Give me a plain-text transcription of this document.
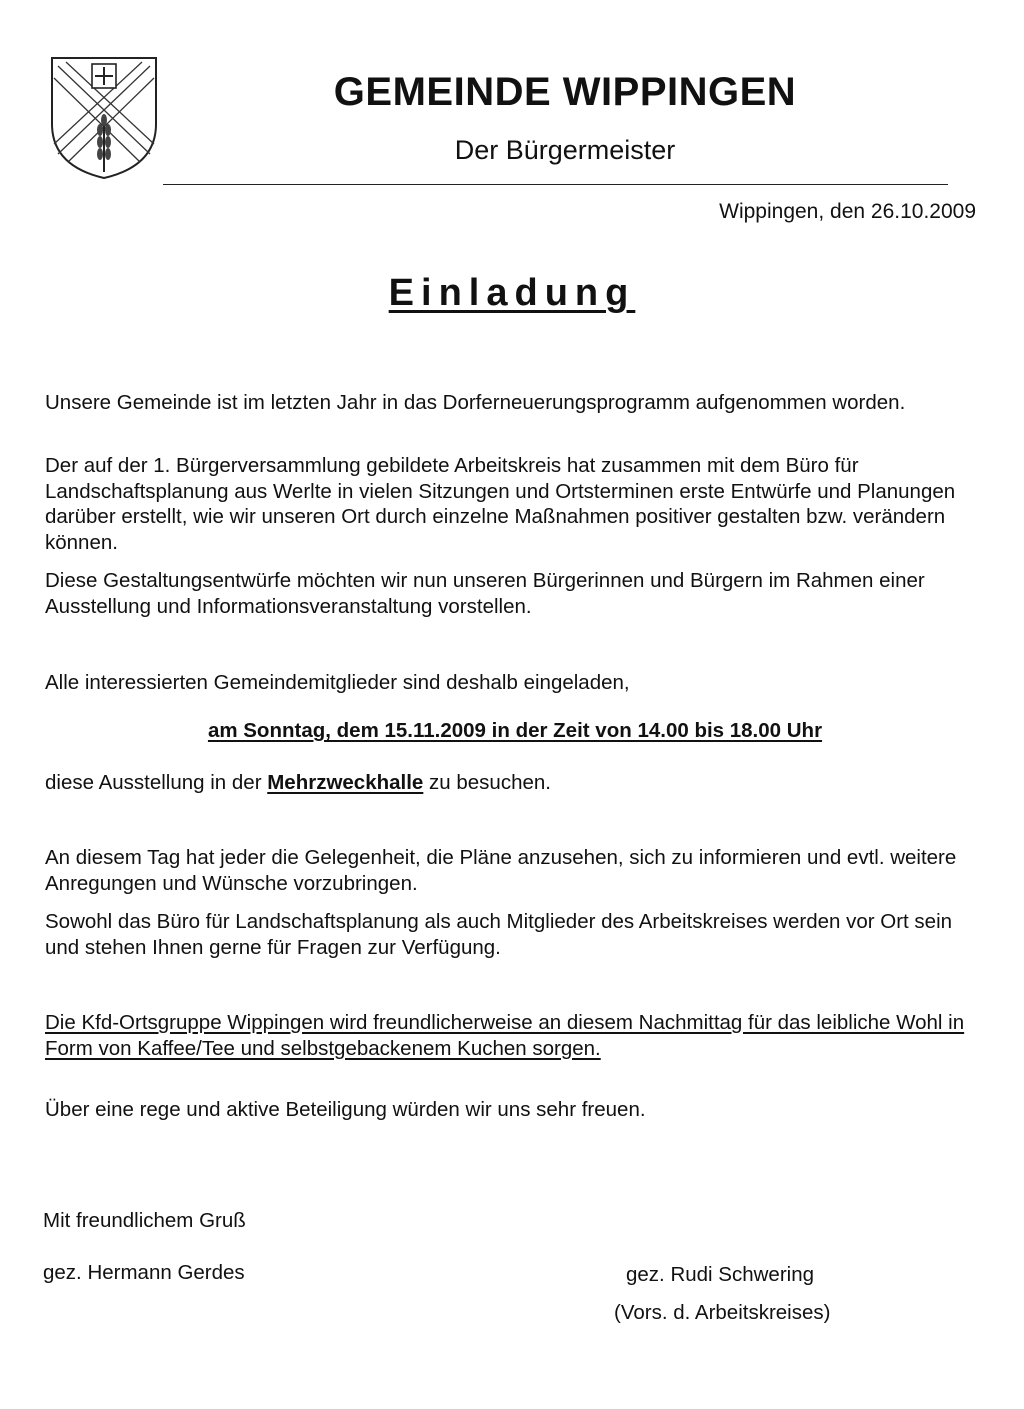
GEMEINDE WIPPINGEN
Der Bürgermeister
Wippingen, den 26.10.2009
Einladung
Unsere Gemeinde ist im letzten Jahr in das Dorferneuerungsprogramm aufgenommen worden.
Der auf der 1. Bürgerversammlung gebildete Arbeitskreis hat zusammen mit dem Büro für Landschaftsplanung aus Werlte in vielen Sitzungen und Ortsterminen erste Entwürfe und Planungen darüber erstellt, wie wir unseren Ort durch einzelne Maßnahmen positiver gestalten bzw. verändern können.
Diese Gestaltungsentwürfe möchten wir nun unseren Bürgerinnen und Bürgern im Rahmen einer Ausstellung und Informationsveranstaltung vorstellen.
Alle interessierten Gemeindemitglieder sind deshalb eingeladen,
am Sonntag, dem 15.11.2009 in der Zeit von 14.00 bis 18.00 Uhr
diese Ausstellung in der Mehrzweckhalle zu besuchen.
An diesem Tag hat jeder die Gelegenheit, die Pläne anzusehen, sich zu informieren und evtl. weitere Anregungen und Wünsche vorzubringen.
Sowohl das Büro für Landschaftsplanung als auch Mitglieder des Arbeitskreises werden vor Ort sein und stehen Ihnen gerne für Fragen zur Verfügung.
Die Kfd-Ortsgruppe Wippingen wird freundlicherweise an diesem Nachmittag für das leibliche Wohl in Form von Kaffee/Tee und selbstgebackenem Kuchen sorgen.
Über eine rege und aktive Beteiligung würden wir uns sehr freuen.
Mit freundlichem Gruß
gez. Hermann Gerdes	gez. Rudi Schwering
(Vors. d. Arbeitskreises)
